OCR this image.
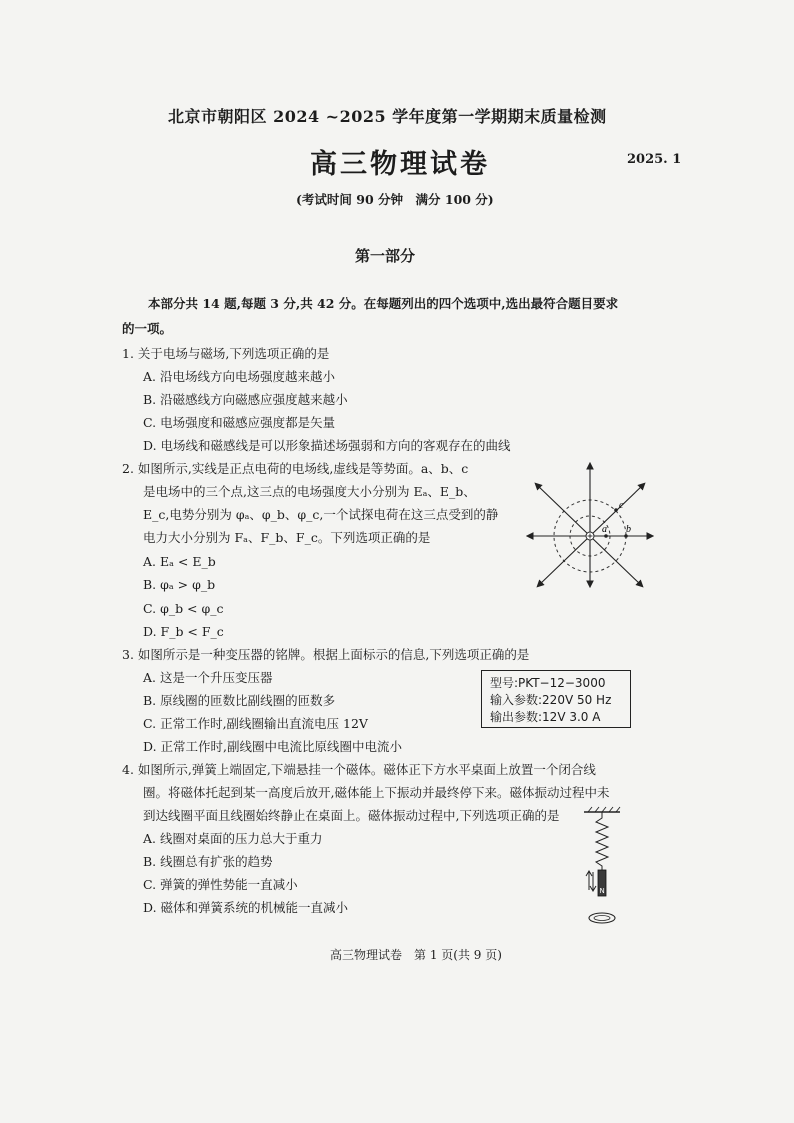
北京市朝阳区 2024 ~2025 学年度第一学期期末质量检测
高三物理试卷	2025. 1
(考试时间 90 分钟　满分 100 分)
第一部分
本部分共 14 题,每题 3 分,共 42 分。在每题列出的四个选项中,选出最符合题目要求
的一项。
1. 关于电场与磁场,下列选项正确的是
A. 沿电场线方向电场强度越来越小
B. 沿磁感线方向磁感应强度越来越小
C. 电场强度和磁感应强度都是矢量
D. 电场线和磁感线是可以形象描述场强弱和方向的客观存在的曲线
2. 如图所示,实线是正点电荷的电场线,虚线是等势面。a、b、c
是电场中的三个点,这三点的电场强度大小分别为 Eₐ、E_b、
E_c,电势分别为 φₐ、φ_b、φ_c,一个试探电荷在这三点受到的静
电力大小分别为 Fₐ、F_b、F_c。下列选项正确的是
A. Eₐ < E_b
B. φₐ > φ_b
C. φ_b < φ_c
D. F_b < F_c
a b
c
3. 如图所示是一种变压器的铭牌。根据上面标示的信息,下列选项正确的是
A. 这是一个升压变压器
B. 原线圈的匝数比副线圈的匝数多
C. 正常工作时,副线圈输出直流电压 12V
D. 正常工作时,副线圈中电流比原线圈中电流小
型号:PKT−12−3000
输入参数:220V 50 Hz
输出参数:12V 3.0 A
4. 如图所示,弹簧上端固定,下端悬挂一个磁体。磁体正下方水平桌面上放置一个闭合线
圈。将磁体托起到某一高度后放开,磁体能上下振动并最终停下来。磁体振动过程中未
到达线圈平面且线圈始终静止在桌面上。磁体振动过程中,下列选项正确的是
A. 线圈对桌面的压力总大于重力
B. 线圈总有扩张的趋势
C. 弹簧的弹性势能一直减小
D. 磁体和弹簧系统的机械能一直减小
N
高三物理试卷　第 1 页(共 9 页)
